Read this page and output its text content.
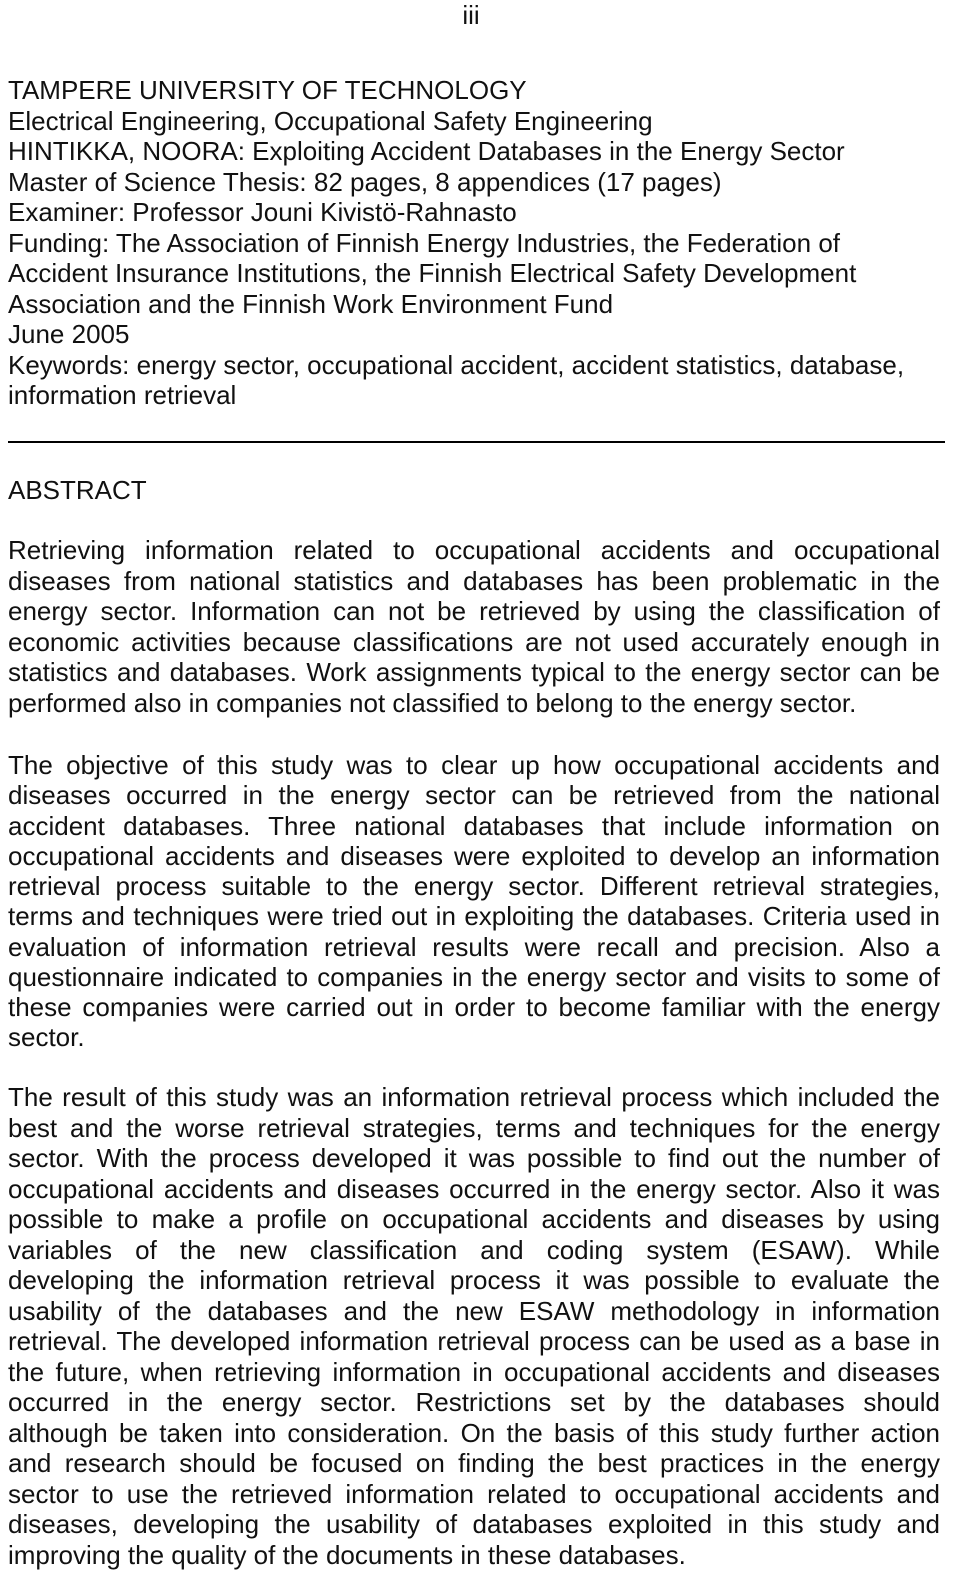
iii
TAMPERE UNIVERSITY OF TECHNOLOGY
Electrical Engineering, Occupational Safety Engineering
HINTIKKA, NOORA: Exploiting Accident Databases in the Energy Sector
Master of Science Thesis: 82 pages, 8 appendices (17 pages)
Examiner: Professor Jouni Kivistö-Rahnasto
Funding: The Association of Finnish Energy Industries, the Federation of
Accident Insurance Institutions, the Finnish Electrical Safety Development
Association and the Finnish Work Environment Fund
June 2005
Keywords: energy sector, occupational accident, accident statistics, database,
information retrieval
ABSTRACT
Retrieving information related to occupational accidents and occupational
diseases from national statistics and databases has been problematic in the
energy sector. Information can not be retrieved by using the classification of
economic activities because classifications are not used accurately enough in
statistics and databases. Work assignments typical to the energy sector can be
performed also in companies not classified to belong to the energy sector.
The objective of this study was to clear up how occupational accidents and
diseases occurred in the energy sector can be retrieved from the national
accident databases. Three national databases that include information on
occupational accidents and diseases were exploited to develop an information
retrieval process suitable to the energy sector. Different retrieval strategies,
terms and techniques were tried out in exploiting the databases. Criteria used in
evaluation of information retrieval results were recall and precision. Also a
questionnaire indicated to companies in the energy sector and visits to some of
these companies were carried out in order to become familiar with the energy
sector.
The result of this study was an information retrieval process which included the
best and the worse retrieval strategies, terms and techniques for the energy
sector. With the process developed it was possible to find out the number of
occupational accidents and diseases occurred in the energy sector. Also it was
possible to make a profile on occupational accidents and diseases by using
variables of the new classification and coding system (ESAW). While
developing the information retrieval process it was possible to evaluate the
usability of the databases and the new ESAW methodology in information
retrieval. The developed information retrieval process can be used as a base in
the future, when retrieving information in occupational accidents and diseases
occurred in the energy sector. Restrictions set by the databases should
although be taken into consideration. On the basis of this study further action
and research should be focused on finding the best practices in the energy
sector to use the retrieved information related to occupational accidents and
diseases, developing the usability of databases exploited in this study and
improving the quality of the documents in these databases.
